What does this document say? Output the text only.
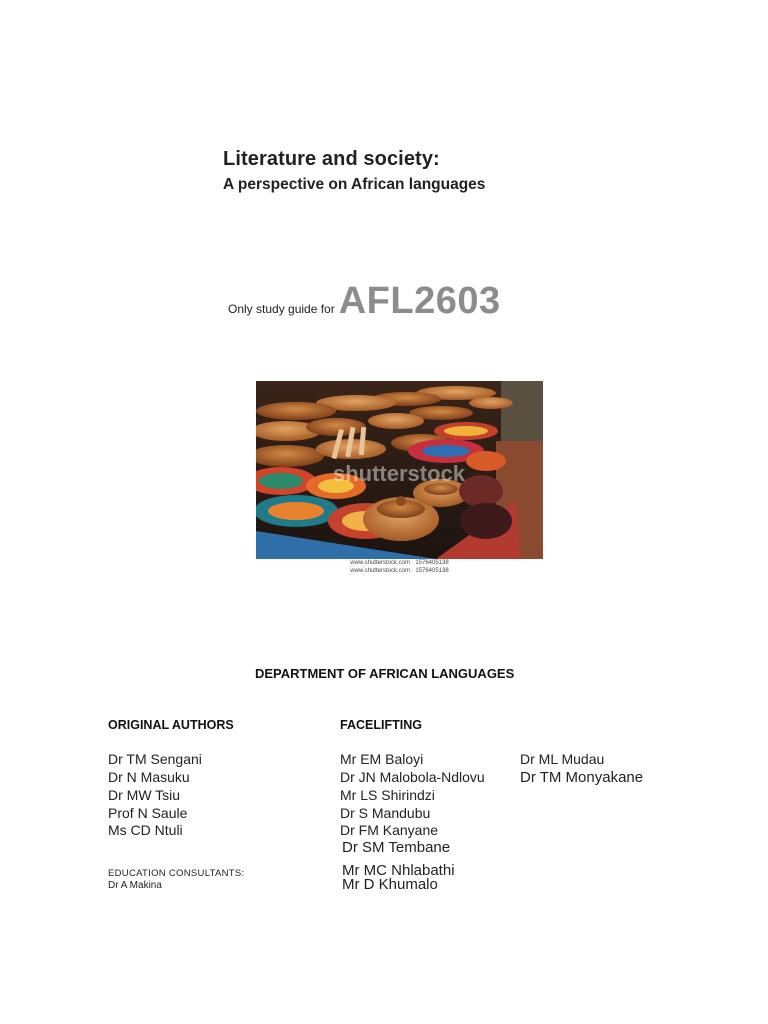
Literature and society:
A perspective on African languages
Only study guide for AFL2603
shutterstock
www.shutterstock.com · 1576405138
www.shutterstock.com · 1576405138
DEPARTMENT OF AFRICAN LANGUAGES
ORIGINAL AUTHORS	FACELIFTING
Dr TM Sengani
Dr N Masuku
Dr MW Tsiu
Prof N Saule
Ms CD Ntuli
Mr EM Baloyi
Dr JN Malobola-Ndlovu
Mr LS Shirindzi
Dr S Mandubu
Dr FM Kanyane
Dr SM Tembane
Mr MC Nhlabathi
Mr D Khumalo
Dr ML Mudau
Dr TM Monyakane
EDUCATION CONSULTANTS:
Dr A Makina
